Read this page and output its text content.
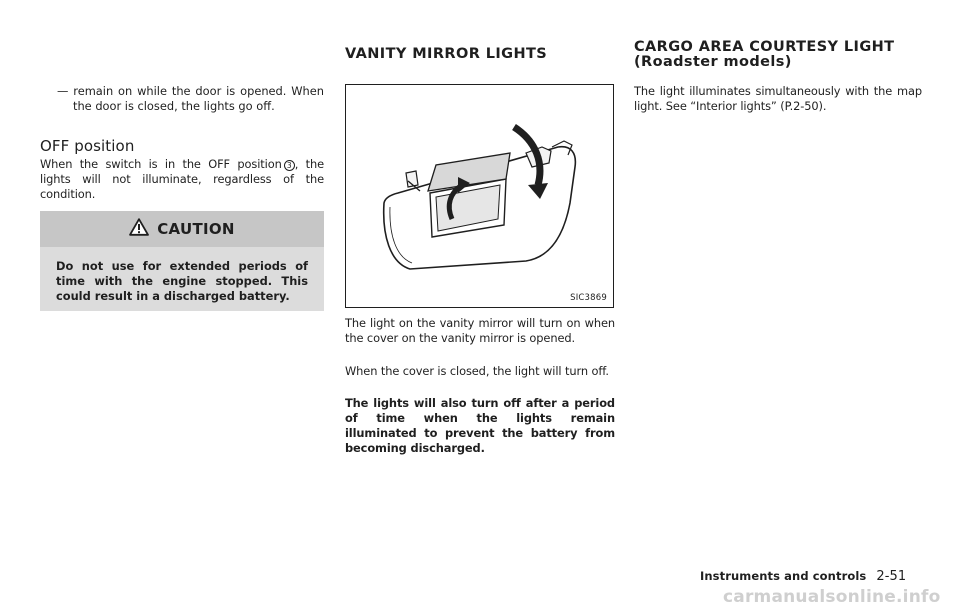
— remain on while the door is opened. When the door is closed, the lights go off.
OFF position

When the switch is in the OFF position 3 , the lights will not illuminate, regardless of the condition.

CAUTION

Do not use for extended periods of time with the engine stopped. This could result in a discharged battery.

VANITY MIRROR LIGHTS
SIC3869

The light on the vanity mirror will turn on when the cover on the vanity mirror is opened.

When the cover is closed, the light will turn off.

The lights will also turn off after a period of time when the lights remain illuminated to prevent the battery from becoming discharged.

CARGO AREA COURTESY LIGHT
(Roadster models)

The light illuminates simultaneously with the map light. See “Interior lights” (P.2-50).

Instruments and controls 2-51
carmanualsonline.info
